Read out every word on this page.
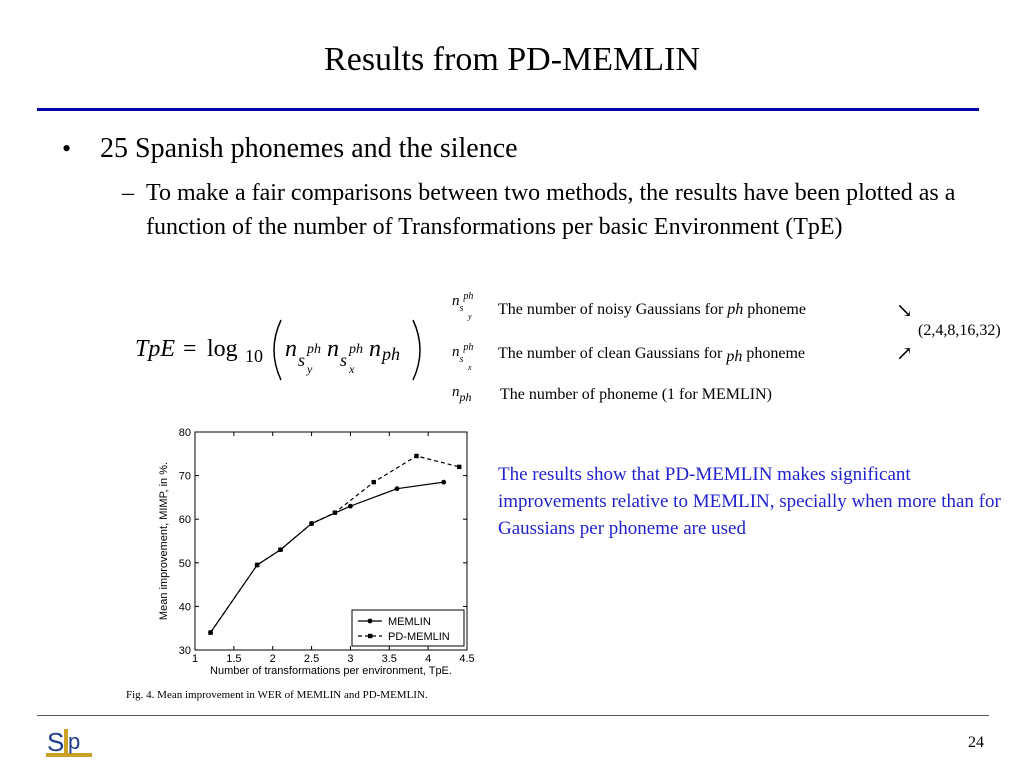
Results from PD-MEMLIN
• 25 Spanish phonemes and the silence
– To make a fair comparisons between two methods, the results have been plotted as a function of the number of Transformations per basic Environment (TpE)
TpE = log 10 n s y
ph n s x
ph n ph
$n_s^{ph}$
y The number of noisy Gaussians for ph phoneme
$n_s^{ph}$
x
The number of clean Gaussians for ph phoneme
$n_{ph}$ The number of phoneme (1 for MEMLIN)
↘
↗
(2,4,8,16,32)
1	1.5	2	2.5	3	3.5	4	4.5
30
40
50
60
70
80
Number of transformations per environment, TpE.
Mean improvement, MIMP, in %.
MEMLIN
PD-MEMLIN
The results show that PD-MEMLIN makes significant improvements relative to MEMLIN, specially when more than for Gaussians per phoneme are used
Fig. 4. Mean improvement in WER of MEMLIN and PD-MEMLIN.
S p	24
